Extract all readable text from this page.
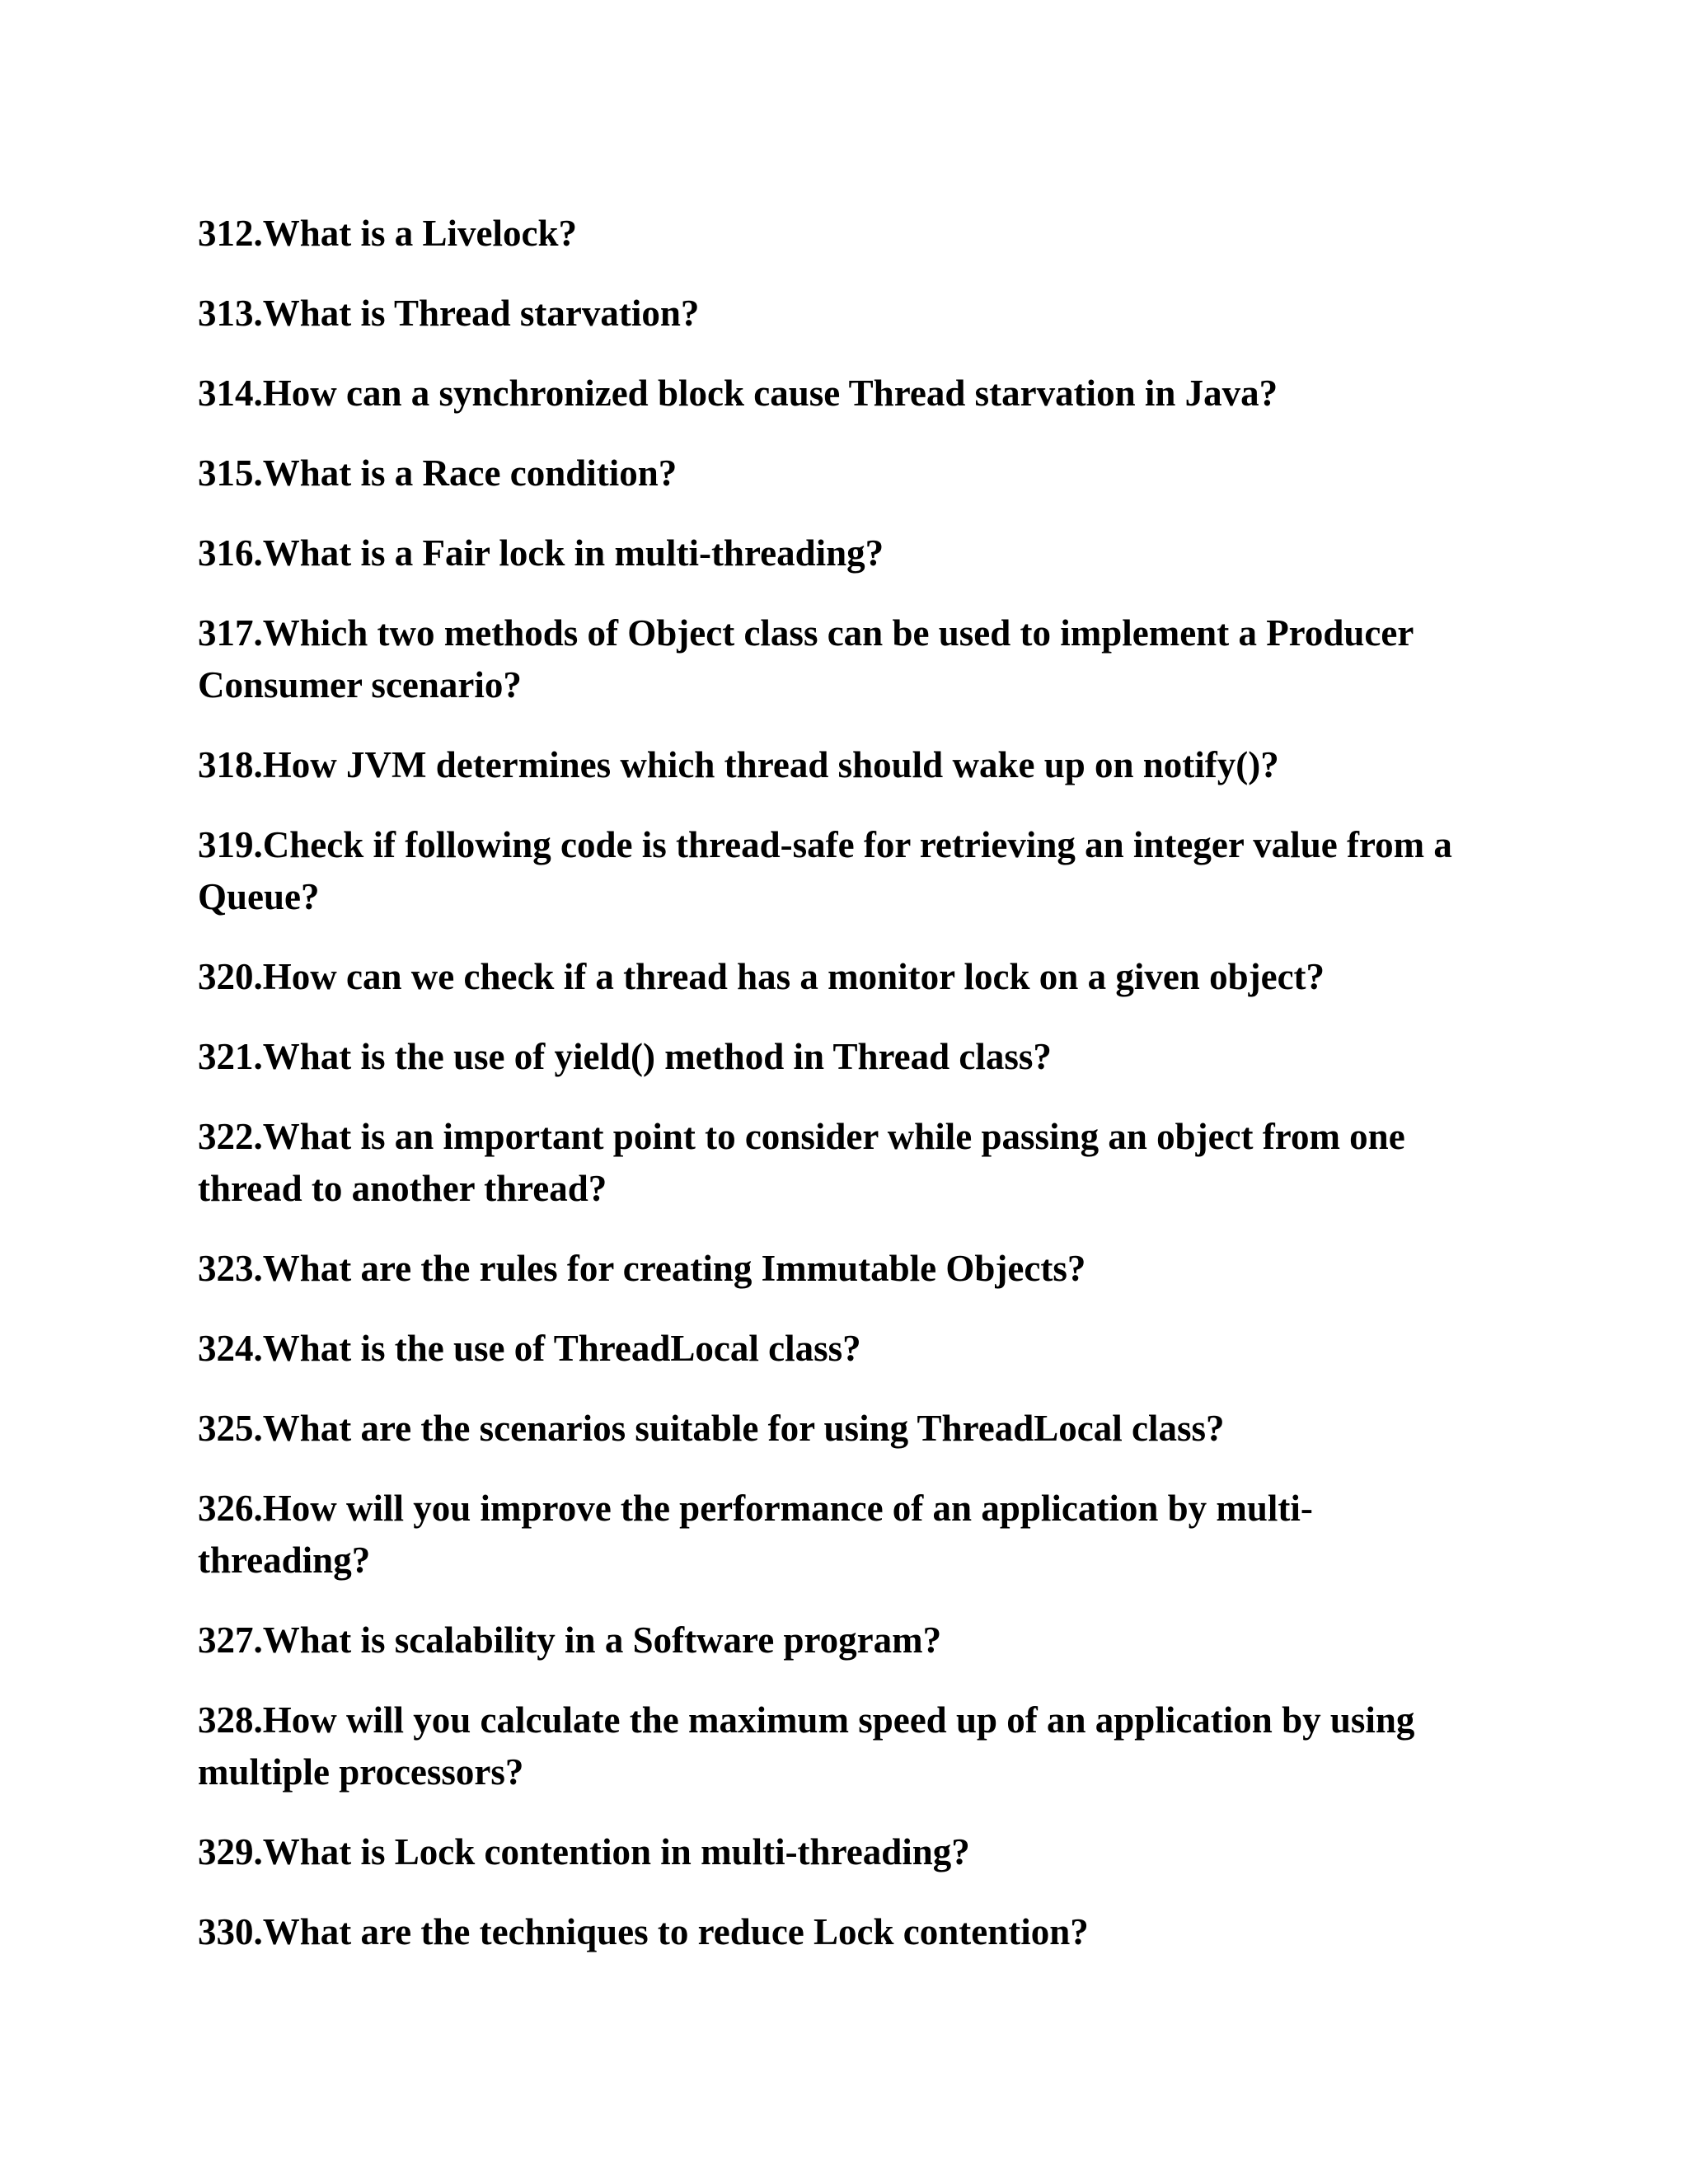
312. What is a Livelock?
313. What is Thread starvation?
314. How can a synchronized block cause Thread starvation in Java?
315. What is a Race condition?
316. What is a Fair lock in multi-threading?
317.Which two methods of Object class can be used to implement a Producer Consumer scenario?
318. How JVM determines which thread should wake up on notify()?
319.Check if following code is thread-safe for retrieving an integer value from a Queue?
320. How can we check if a thread has a monitor lock on a given object?
321. What is the use of yield() method in Thread class?
322.What is an important point to consider while passing an object from one thread to another thread?
323. What are the rules for creating Immutable Objects?
324. What is the use of ThreadLocal class?
325. What are the scenarios suitable for using ThreadLocal class?
326.How will you improve the performance of an application by multi-threading?
327. What is scalability in a Software program?
328.How will you calculate the maximum speed up of an application by using multiple processors?
329. What is Lock contention in multi-threading?
330. What are the techniques to reduce Lock contention?
